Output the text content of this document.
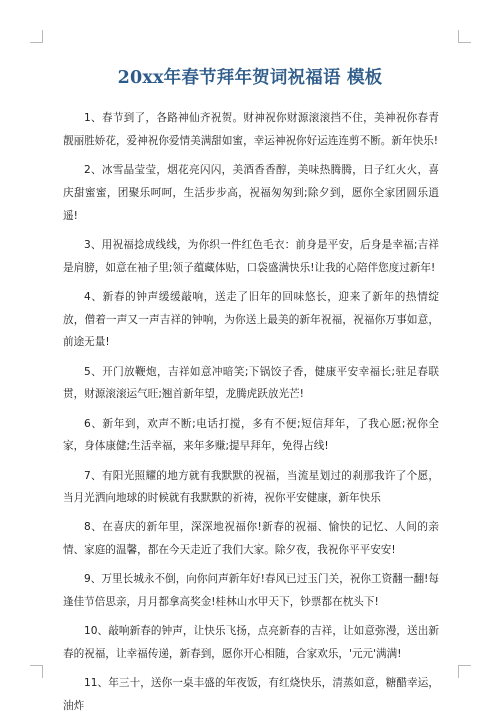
20xx年春节拜年贺词祝福语 模板

1、春节到了，各路神仙齐祝贺。财神祝你财源滚滚挡不住，美神祝你春青靓丽胜娇花，爱神祝你爱情美满甜如蜜，幸运神祝你好运连连剪不断。新年快乐!

2、冰雪晶莹莹，烟花亮闪闪，美酒香香醇，美味热腾腾，日子红火火，喜庆甜蜜蜜，团聚乐呵呵，生活步步高，祝福匆匆到;除夕到，愿你全家团圆乐逍遥!

3、用祝福捻成线线，为你织一件红色毛衣：前身是平安，后身是幸福;吉祥是肩膀，如意在袖子里;领子蕴藏体贴，口袋盛满快乐!让我的心陪伴您度过新年!

4、新春的钟声缓缓敲响，送走了旧年的回味悠长，迎来了新年的热情绽放，僧着一声又一声吉祥的钟响，为你送上最美的新年祝福，祝福你万事如意，前途无量!

5、开门放鞭炮，吉祥如意冲暗笑;下锅饺子香，健康平安幸福长;驻足春联贯，财源滚滚运气旺;翘首新年望，龙腾虎跃放光芒!

6、新年到，欢声不断;电话打搅，多有不便;短信拜年，了我心愿;祝你全家，身体康健;生活幸福，来年多赚;提早拜年，免得占线!

7、有阳光照耀的地方就有我默默的祝福，当流星划过的刹那我许了个愿，当月光洒向地球的时候就有我默默的祈祷，祝你平安健康，新年快乐

8、在喜庆的新年里，深深地祝福你!新春的祝福、愉快的记忆、人间的亲情、家庭的温馨，都在今天走近了我们大家。除夕夜，我祝你平平安安!

9、万里长城永不倒，向你问声新年好!春风已过玉门关，祝你工资翻一翻!每逢佳节倍思亲，月月都拿高奖金!桂林山水甲天下，钞票都在枕头下!

10、敲响新春的钟声，让快乐飞扬，点亮新春的吉祥，让如意弥漫，送出新春的祝福，让幸福传递，新春到，愿你开心相随，合家欢乐，'元元'满满!

11、年三十，送你一桌丰盛的年夜饭，有红烧快乐，清蒸如意，糖醋幸运，油炸
